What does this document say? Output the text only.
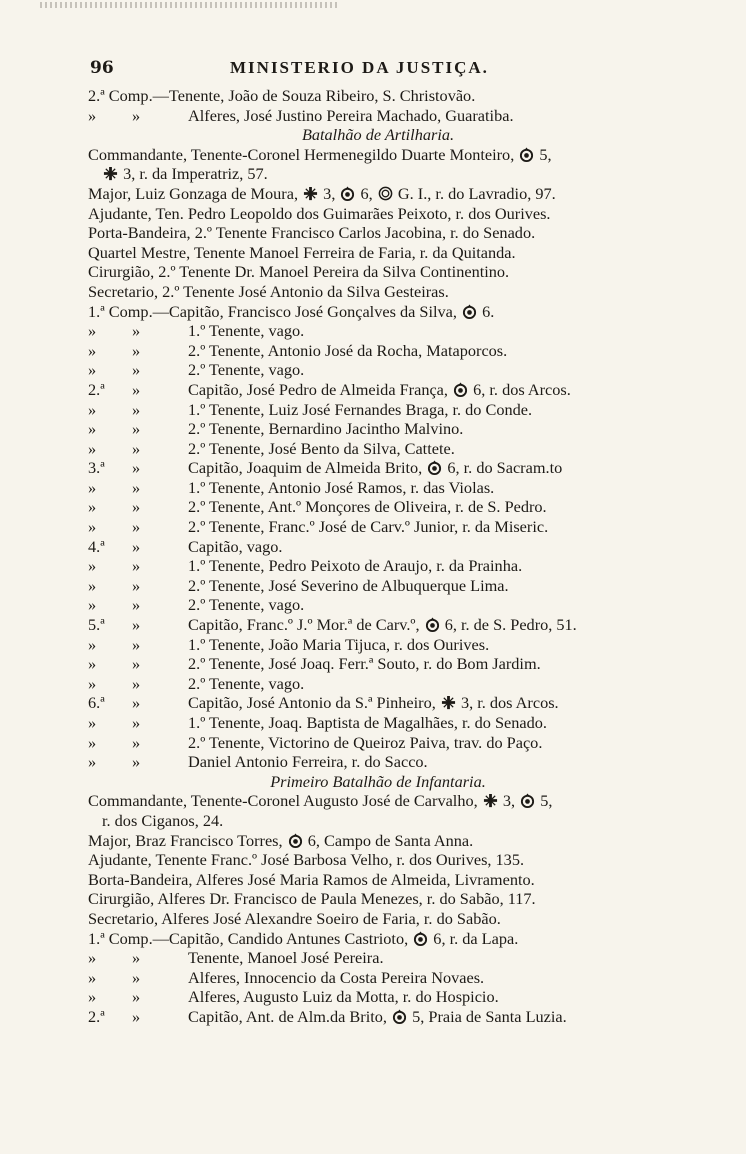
96	MINISTERIO DA JUSTIÇA.
2.ª Comp.—Tenente, João de Souza Ribeiro, S. Christovão.
»	»	Alferes, José Justino Pereira Machado, Guaratiba.
Batalhão de Artilharia.
Commandante, Tenente-Coronel Hermenegildo Duarte Monteiro,  5,
3, r. da Imperatriz, 57.
Major, Luiz Gonzaga de Moura,  3,  6,  G. I., r. do Lavradio, 97.
Ajudante, Ten. Pedro Leopoldo dos Guimarães Peixoto, r. dos Ourives.
Porta-Bandeira, 2.º Tenente Francisco Carlos Jacobina, r. do Senado.
Quartel Mestre, Tenente Manoel Ferreira de Faria, r. da Quitanda.
Cirurgião, 2.º Tenente Dr. Manoel Pereira da Silva Continentino.
Secretario, 2.º Tenente José Antonio da Silva Gesteiras.
1.ª Comp.—Capitão, Francisco José Gonçalves da Silva,  6.
»	»	1.º Tenente, vago.
»	»	2.º Tenente, Antonio José da Rocha, Mataporcos.
»	»	2.º Tenente, vago.
2.ª	»	Capitão, José Pedro de Almeida França,  6, r. dos Arcos.
»	»	1.º Tenente, Luiz José Fernandes Braga, r. do Conde.
»	»	2.º Tenente, Bernardino Jacintho Malvino.
»	»	2.º Tenente, José Bento da Silva, Cattete.
3.ª	»	Capitão, Joaquim de Almeida Brito,  6, r. do Sacram.to
»	»	1.º Tenente, Antonio José Ramos, r. das Violas.
»	»	2.º Tenente, Ant.º Monçores de Oliveira, r. de S. Pedro.
»	»	2.º Tenente, Franc.º José de Carv.º Junior, r. da Miseric.
4.ª	»	Capitão, vago.
»	»	1.º Tenente, Pedro Peixoto de Araujo, r. da Prainha.
»	»	2.º Tenente, José Severino de Albuquerque Lima.
»	»	2.º Tenente, vago.
5.ª	»	Capitão, Franc.º J.º Mor.ª de Carv.º,  6, r. de S. Pedro, 51.
»	»	1.º Tenente, João Maria Tijuca, r. dos Ourives.
»	»	2.º Tenente, José Joaq. Ferr.ª Souto, r. do Bom Jardim.
»	»	2.º Tenente, vago.
6.ª	»	Capitão, José Antonio da S.ª Pinheiro,  3, r. dos Arcos.
»	»	1.º Tenente, Joaq. Baptista de Magalhães, r. do Senado.
»	»	2.º Tenente, Victorino de Queiroz Paiva, trav. do Paço.
»	»	Daniel Antonio Ferreira, r. do Sacco.
Primeiro Batalhão de Infantaria.
Commandante, Tenente-Coronel Augusto José de Carvalho,  3,  5,
r. dos Ciganos, 24.
Major, Braz Francisco Torres,  6, Campo de Santa Anna.
Ajudante, Tenente Franc.º José Barbosa Velho, r. dos Ourives, 135.
Borta-Bandeira, Alferes José Maria Ramos de Almeida, Livramento.
Cirurgião, Alferes Dr. Francisco de Paula Menezes, r. do Sabão, 117.
Secretario, Alferes José Alexandre Soeiro de Faria, r. do Sabão.
1.ª Comp.—Capitão, Candido Antunes Castrioto,  6, r. da Lapa.
»	»	Tenente, Manoel José Pereira.
»	»	Alferes, Innocencio da Costa Pereira Novaes.
»	»	Alferes, Augusto Luiz da Motta, r. do Hospicio.
2.ª	»	Capitão, Ant. de Alm.da Brito,  5, Praia de Santa Luzia.
